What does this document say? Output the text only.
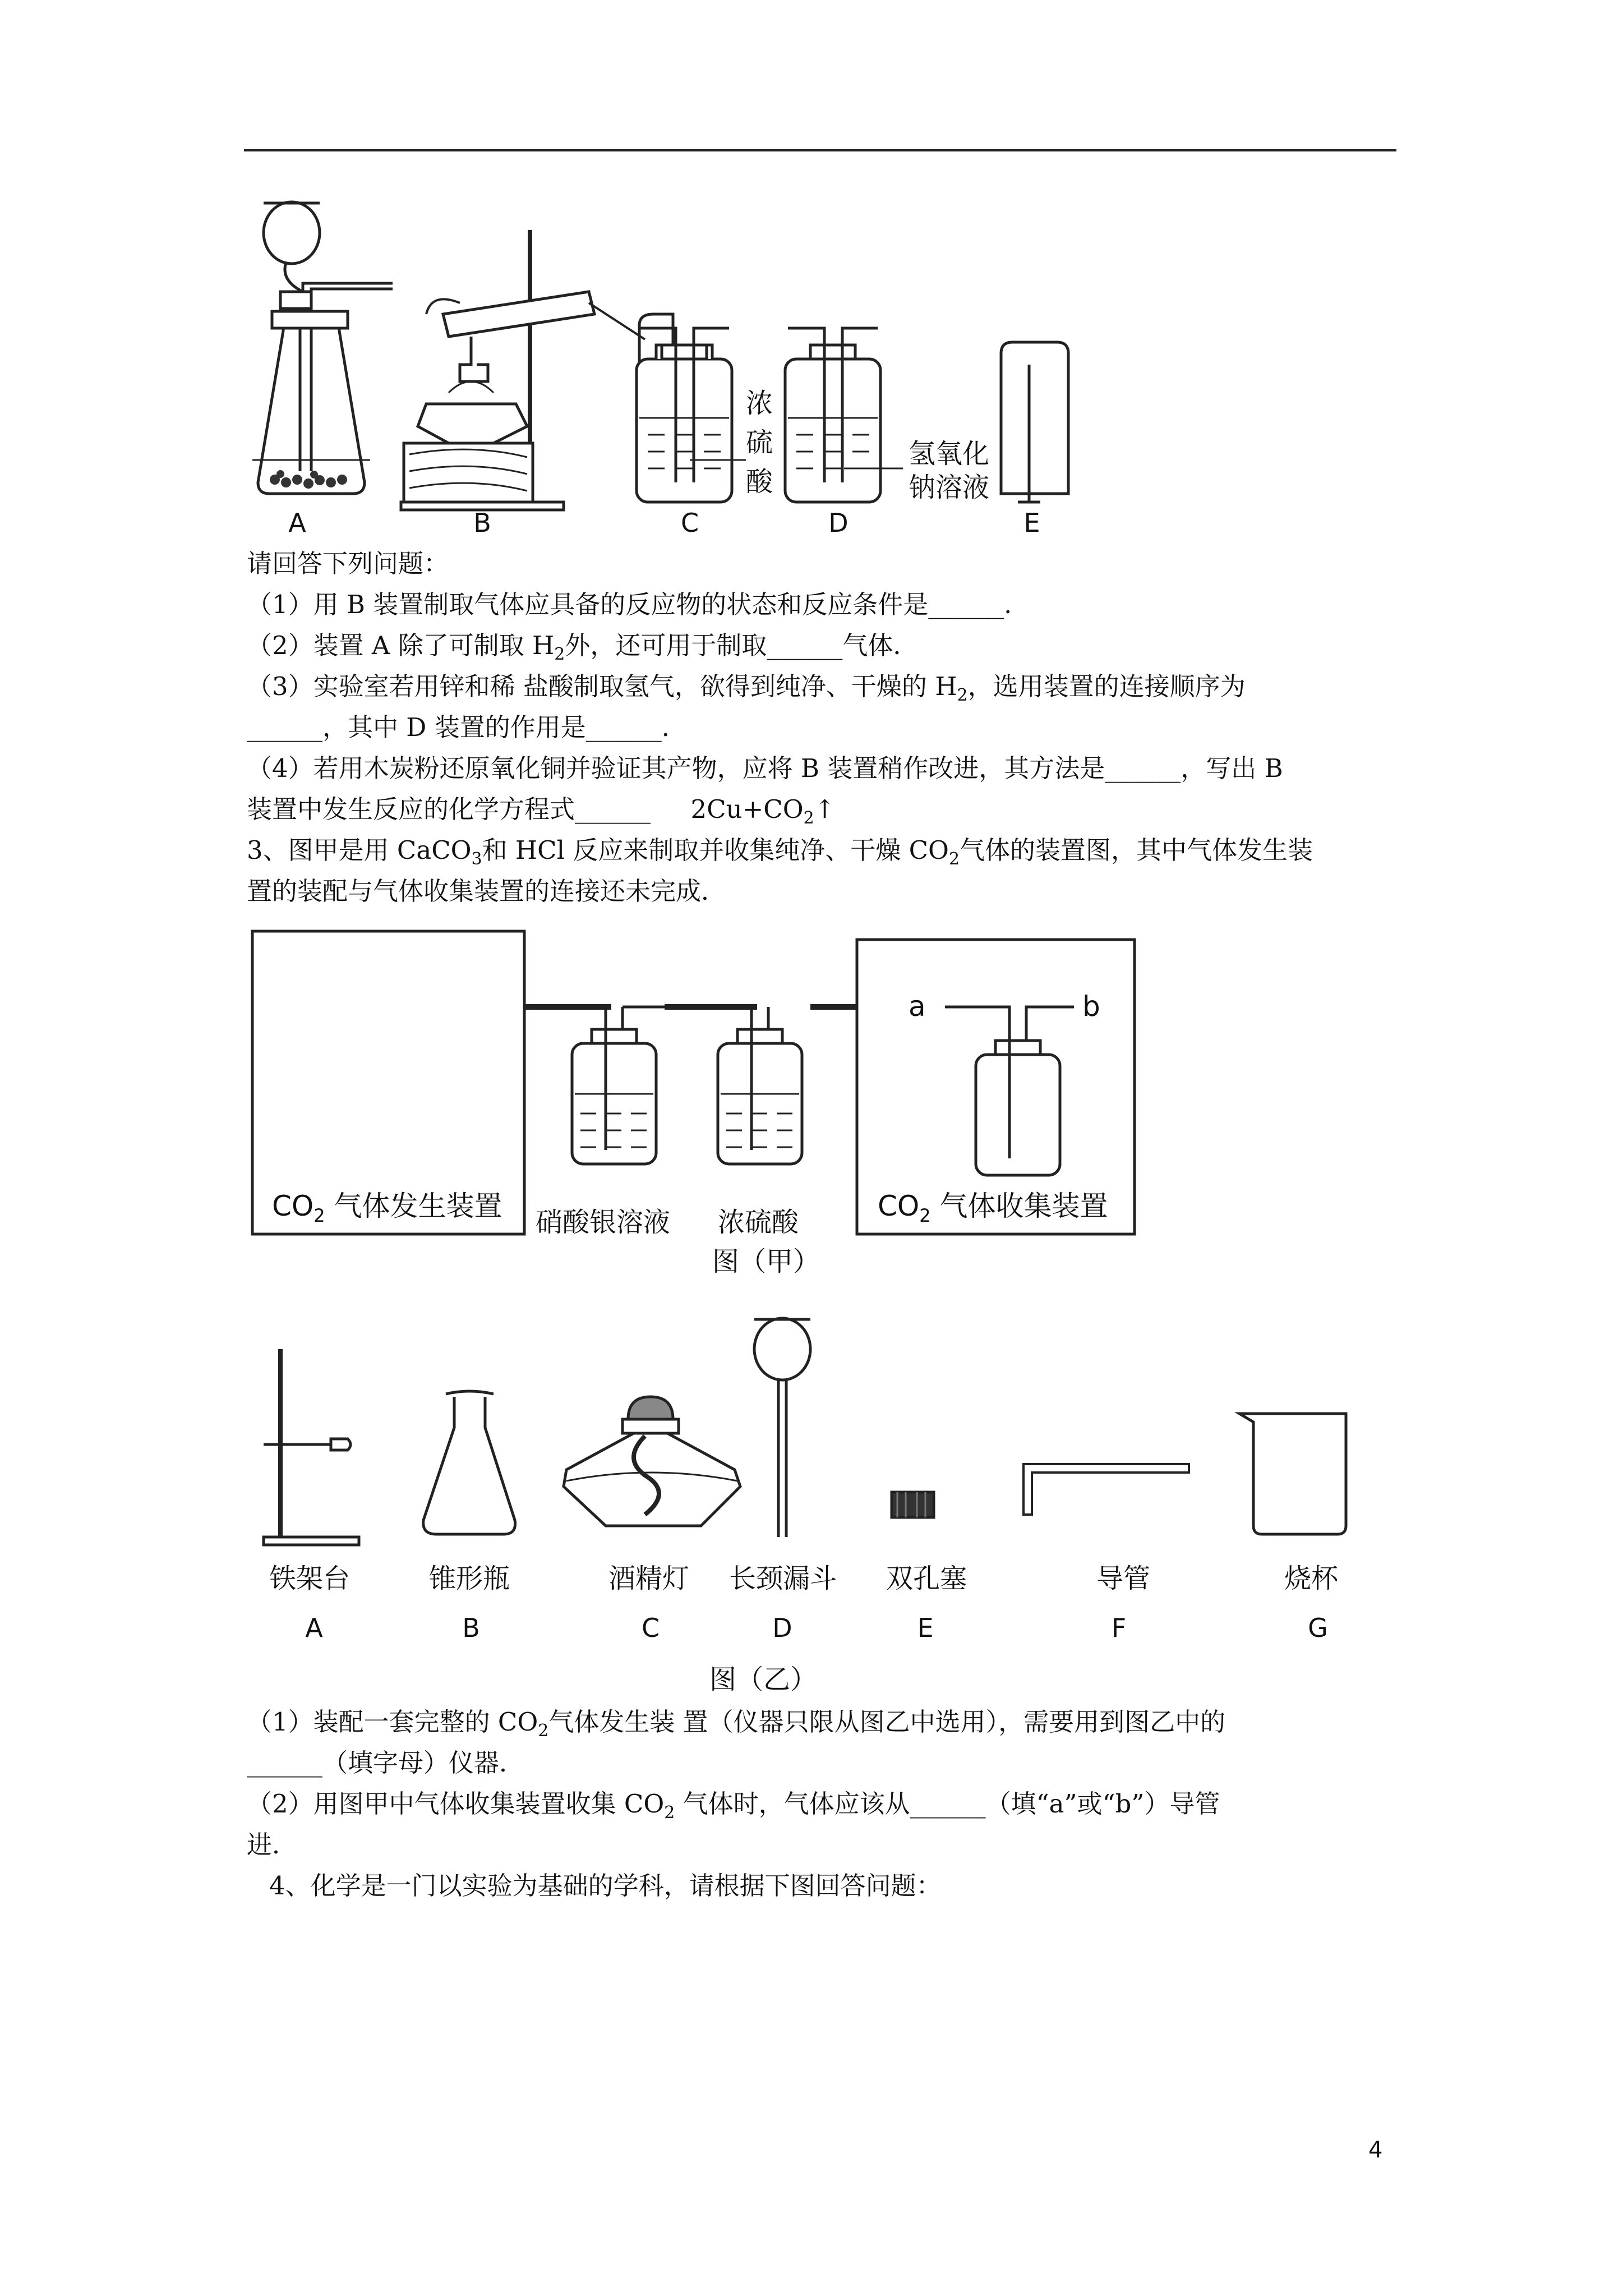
A	B	C	D	E
浓
硫
酸
氢氧化
钠溶液
请回答下列问题：
（1）用 B 装置制取气体应具备的反应物的状态和反应条件是______．
（2）装置 A 除了可制取 $H_2$外，还可用于制取______气体．
（3）实验室若用锌和稀 盐酸制取氢气，欲得到纯净、干燥的 $H_2$，选用装置的连接顺序为
______，其中 D 装置的作用是______．
（4）若用木炭粉还原氧化铜并验证其产物，应将 B 装置稍作改进，其方法是______，写出 B
装置中发生反应的化学方程式______ $2Cu+CO_2↑$
3、图甲是用 CaCO$_3$和 HCl 反应来制取并收集纯净、干燥 $CO_2$气体的装置图，其中气体发生装
置的装配与气体收集装置的连接还未完成．
$CO_2$ 气体发生装置	$CO_2$ 气体收集装置
a	b
硝酸银溶液 浓硫酸
图（甲）
铁架台	锥形瓶	酒精灯 长颈漏斗 双孔塞	导管	烧杯
A	B	C	D	E	F	G
图（乙）
（1）装配一套完整的 $CO_2$气体发生装 置（仪器只限从图乙中选用），需要用到图乙中的
______（填字母）仪器．
（2）用图甲中气体收集装置收集 $CO_2$ 气体时，气体应该从______（填“a”或“b”）导管
进．
4、化学是一门以实验为基础的学科，请根据下图回答问题：
4
